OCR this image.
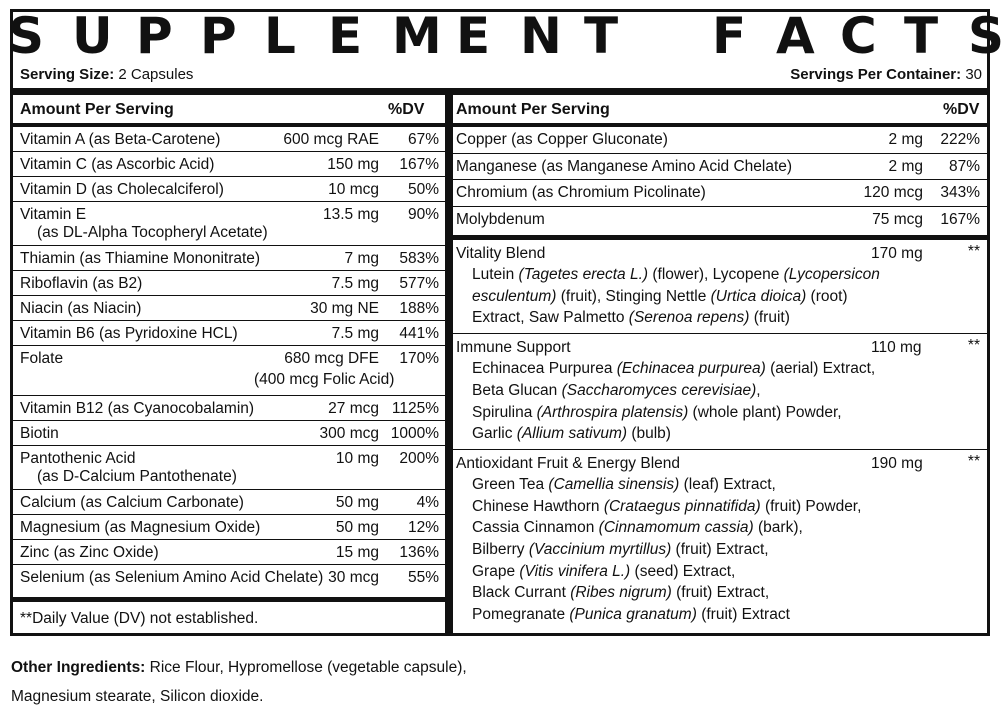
S U P P L E M E N T F A C T S
Serving Size: 2 Capsules	Servings Per Container: 30
Amount Per Serving	%DV
Vitamin A (as Beta-Carotene)	600 mcg RAE	67%
Vitamin C (as Ascorbic Acid)	150 mg	167%
Vitamin D (as Cholecalciferol)	10 mcg	50%
Vitamin E	13.5 mg	90%
(as DL-Alpha Tocopheryl Acetate)
Thiamin (as Thiamine Mononitrate)	7 mg	583%
Riboflavin (as B2)	7.5 mg	577%
Niacin (as Niacin)	30 mg NE	188%
Vitamin B6 (as Pyridoxine HCL)	7.5 mg	441%
Folate	680 mcg DFE	170%
(400 mcg Folic Acid)
Vitamin B12 (as Cyanocobalamin)	27 mcg 1125%
Biotin	300 mcg 1000%
Pantothenic Acid	10 mg	200%
(as D-Calcium Pantothenate)
Calcium (as Calcium Carbonate)	50 mg	4%
Magnesium (as Magnesium Oxide)	50 mg	12%
Zinc (as Zinc Oxide)	15 mg	136%
Selenium (as Selenium Amino Acid Chelate) 30 mcg	55%
**Daily Value (DV) not established.
Amount Per Serving	%DV
Copper (as Copper Gluconate)	2 mg	222%
Manganese (as Manganese Amino Acid Chelate)	2 mg	87%
Chromium (as Chromium Picolinate)	120 mcg	343%
Molybdenum	75 mcg	167%
Vitality Blend	170 mg	**
Lutein (Tagetes erecta L.) (flower), Lycopene (Lycopersicon
esculentum) (fruit), Stinging Nettle (Urtica dioica) (root)
Extract, Saw Palmetto (Serenoa repens) (fruit)
Immune Support	110 mg	**
Echinacea Purpurea (Echinacea purpurea) (aerial) Extract,
Beta Glucan (Saccharomyces cerevisiae),
Spirulina (Arthrospira platensis) (whole plant) Powder,
Garlic (Allium sativum) (bulb)
Antioxidant Fruit & Energy Blend	190 mg	**
Green Tea (Camellia sinensis) (leaf) Extract,
Chinese Hawthorn (Crataegus pinnatifida) (fruit) Powder,
Cassia Cinnamon (Cinnamomum cassia) (bark),
Bilberry (Vaccinium myrtillus) (fruit) Extract,
Grape (Vitis vinifera L.) (seed) Extract,
Black Currant (Ribes nigrum) (fruit) Extract,
Pomegranate (Punica granatum) (fruit) Extract
Other Ingredients: Rice Flour, Hypromellose (vegetable capsule),
Magnesium stearate, Silicon dioxide.
